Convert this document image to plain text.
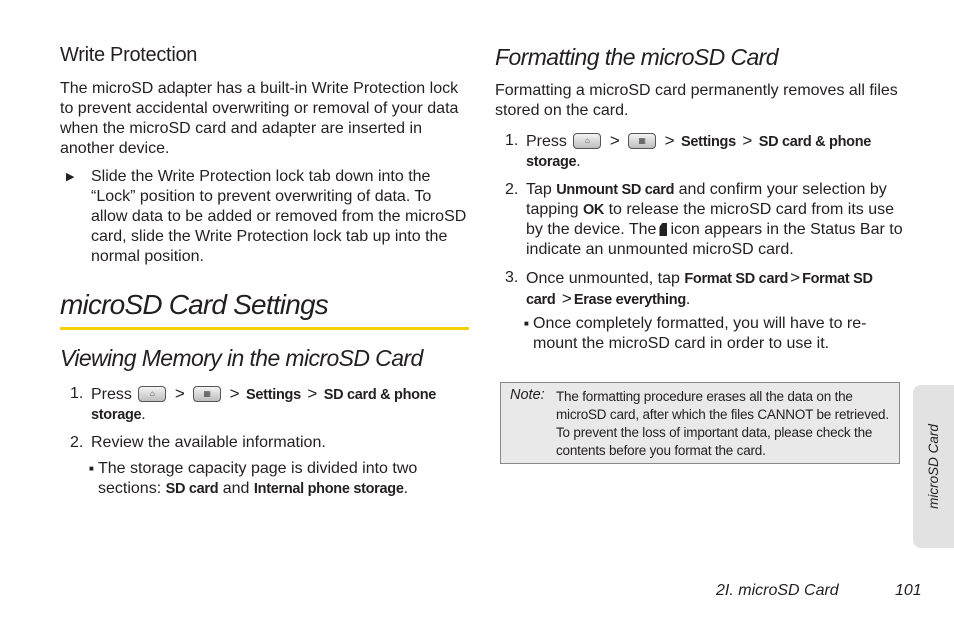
Write Protection

The microSD adapter has a built-in Write Protection lock to prevent accidental overwriting or removal of your data when the microSD card and adapter are inserted in another device.

▶	Slide the Write Protection lock tab down into the “Lock” position to prevent overwriting of data. To allow data to be added or removed from the microSD card, slide the Write Protection lock tab up into the normal position.
microSD Card Settings
Viewing Memory in the microSD Card
1. Press	⌂	>	▦	> Settings > SD card & phone storage.
2. Review the available information.
■ The storage capacity page is divided into two sections: SD card and Internal phone storage.
Formatting the microSD Card

Formatting a microSD card permanently removes all files stored on the card.

1. Press	⌂	>	▦	> Settings > SD card & phone storage.
2. Tap Unmount SD card and confirm your selection by tapping OK to release the microSD card from its use by the device. The icon appears in the Status Bar to indicate an unmounted microSD card.
3. Once unmounted, tap Format SD card > Format SD card > Erase everything.
■ Once completely formatted, you will have to re-mount the microSD card in order to use it.
Note: The formatting procedure erases all the data on the microSD card, after which the files CANNOT be retrieved. To prevent the loss of important data, please check the contents before you format the card.	microSD Card
2I. microSD Card	101
